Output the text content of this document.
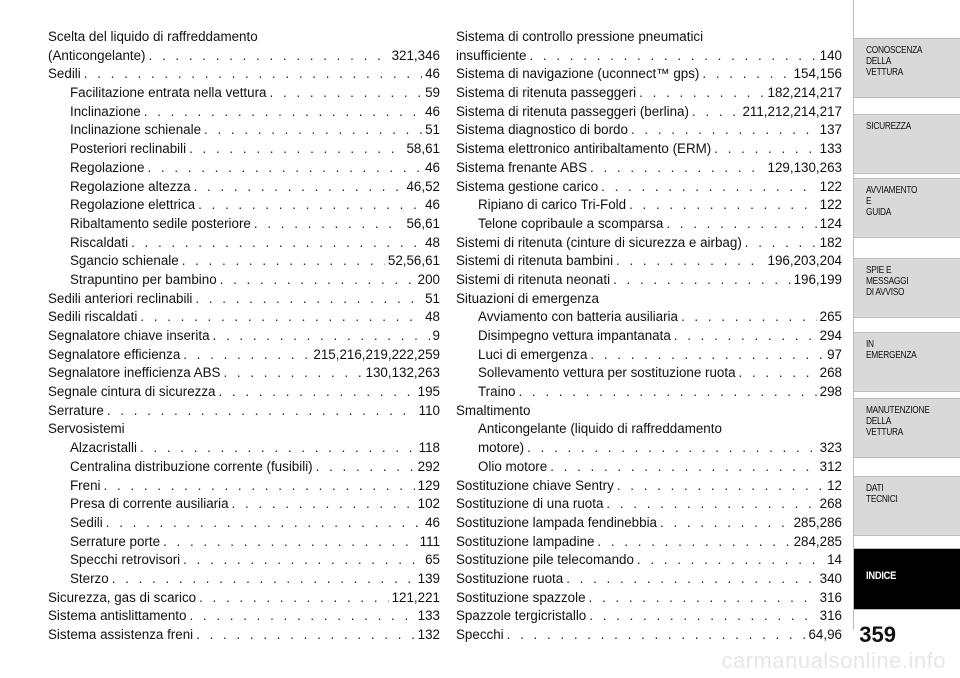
Scelta del liquido di raffreddamento
(Anticongelante) . . .	321,346
Sedili . . .	46
Facilitazione entrata nella vettura . . .	59
Inclinazione . . .	46
Inclinazione schienale . . .	51
Posteriori reclinabili . . .	58,61
Regolazione . . .	46
Regolazione altezza . . .	46,52
Regolazione elettrica . . .	46
Ribaltamento sedile posteriore . . .	56,61
Riscaldati . . .	48
Sgancio schienale . . .	52,56,61
Strapuntino per bambino . . .	200
Sedili anteriori reclinabili . . .	51
Sedili riscaldati . . .	48
Segnalatore chiave inserita . . .	9
Segnalatore efficienza . . .	215,216,219,222,259
Segnalatore inefficienza ABS . . .	130,132,263
Segnale cintura di sicurezza . . .	195
Serrature . . .	110
Servosistemi
Alzacristalli . . .	118
Centralina distribuzione corrente (fusibili) . . .	292
Freni . . .	129
Presa di corrente ausiliaria . . .	102
Sedili . . .	46
Serrature porte . . .	111
Specchi retrovisori . . .	65
Sterzo . . .	139
Sicurezza, gas di scarico . . .	121,221
Sistema antislittamento . . .	133
Sistema assistenza freni . . .	132
Sistema di controllo pressione pneumatici
insufficiente . . .	140
Sistema di navigazione (uconnect™ gps) . . .	154,156
Sistema di ritenuta passeggeri . . .	182,214,217
Sistema di ritenuta passeggeri (berlina) . . .	211,212,214,217
Sistema diagnostico di bordo . . .	137
Sistema elettronico antiribaltamento (ERM) . . .	133
Sistema frenante ABS . . .	129,130,263
Sistema gestione carico . . .	122
Ripiano di carico Tri-Fold . . .	122
Telone copribaule a scomparsa . . .	124
Sistemi di ritenuta (cinture di sicurezza e airbag) . . .	182
Sistemi di ritenuta bambini . . .	196,203,204
Sistemi di ritenuta neonati . . .	196,199
Situazioni di emergenza
Avviamento con batteria ausiliaria . . .	265
Disimpegno vettura impantanata . . .	294
Luci di emergenza . . .	97
Sollevamento vettura per sostituzione ruota . . .	268
Traino . . .	298
Smaltimento
Anticongelante (liquido di raffreddamento
motore) . . .	323
Olio motore . . .	312
Sostituzione chiave Sentry . . .	12
Sostituzione di una ruota . . .	268
Sostituzione lampada fendinebbia . . .	285,286
Sostituzione lampadine . . .	284,285
Sostituzione pile telecomando . . .	14
Sostituzione ruota . . .	340
Sostituzione spazzole . . .	316
Spazzole tergicristallo . . .	316
Specchi . . .	64,96
CONOSCENZA
DELLA
VETTURA
SICUREZZA
AVVIAMENTO
E
GUIDA
SPIE E
MESSAGGI
DI AVVISO
IN
EMERGENZA
MANUTENZIONE
DELLA
VETTURA
DATI
TECNICI
INDICE
359
carmanualsonline.info
